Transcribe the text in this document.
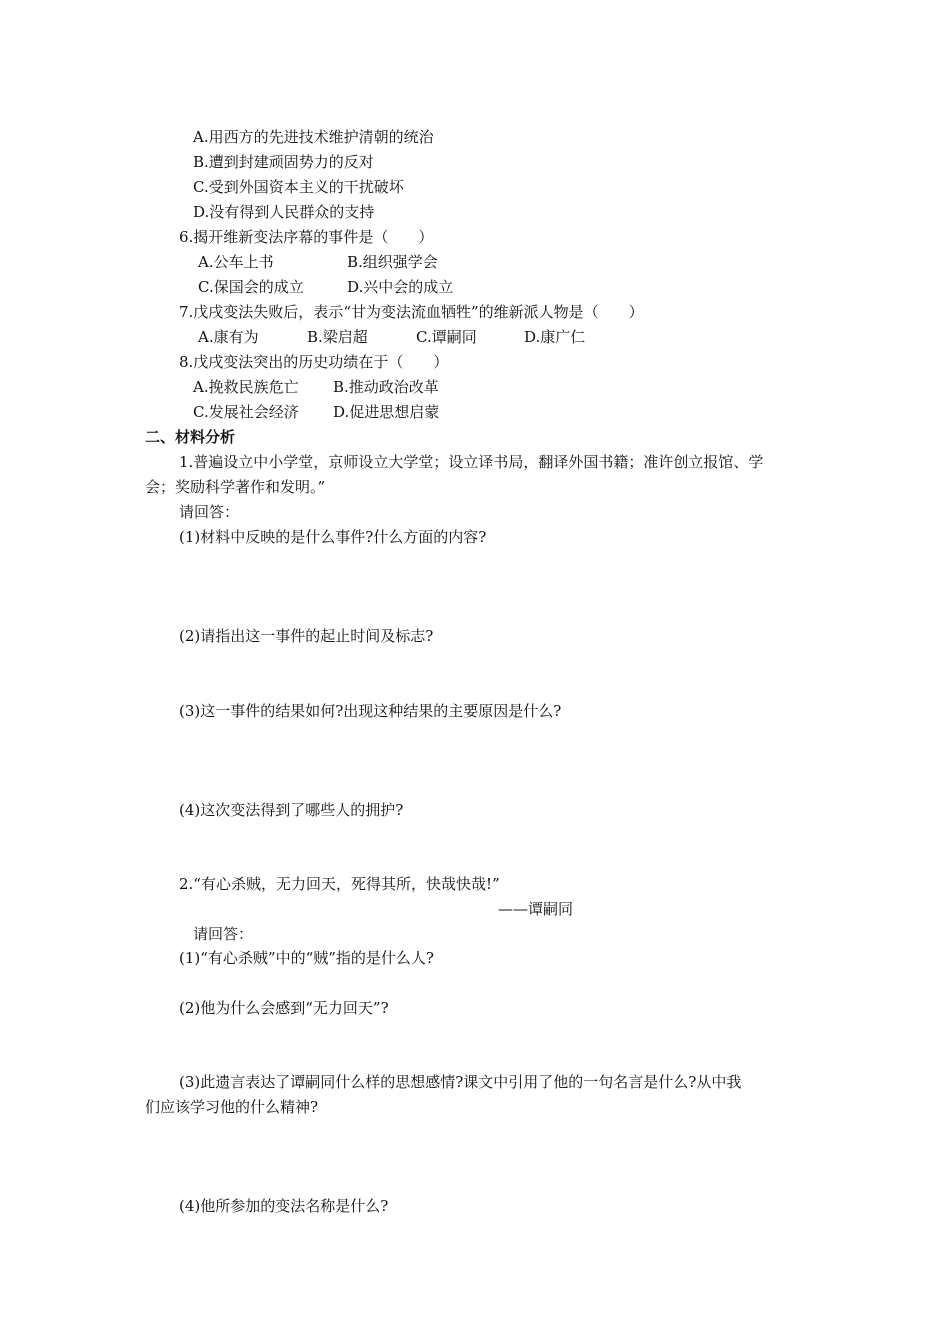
A.用西方的先进技术维护清朝的统治
B.遭到封建顽固势力的反对
C.受到外国资本主义的干扰破坏
D.没有得到人民群众的支持
6.揭开维新变法序幕的事件是（　　）
A.公车上书	B.组织强学会
C.保国会的成立	D.兴中会的成立
7.戊戌变法失败后，表示“甘为变法流血牺牲”的维新派人物是（　　）
A.康有为	B.梁启超	C.谭嗣同	D.康广仁
8.戊戌变法突出的历史功绩在于（　　）
A.挽救民族危亡 B.推动政治改革
C.发展社会经济 D.促进思想启蒙
二、材料分析
1.普遍设立中小学堂，京师设立大学堂；设立译书局，翻译外国书籍；准许创立报馆、学
会；奖励科学著作和发明。”
请回答：
(1)材料中反映的是什么事件?什么方面的内容?
(2)请指出这一事件的起止时间及标志?
(3)这一事件的结果如何?出现这种结果的主要原因是什么?
(4)这次变法得到了哪些人的拥护?
2.“有心杀贼，无力回天，死得其所，快哉快哉!”
——谭嗣同
请回答：
(1)“有心杀贼”中的“贼”指的是什么人?
(2)他为什么会感到“无力回天”?
(3)此遗言表达了谭嗣同什么样的思想感情?课文中引用了他的一句名言是什么?从中我
们应该学习他的什么精神?
(4)他所参加的变法名称是什么?
